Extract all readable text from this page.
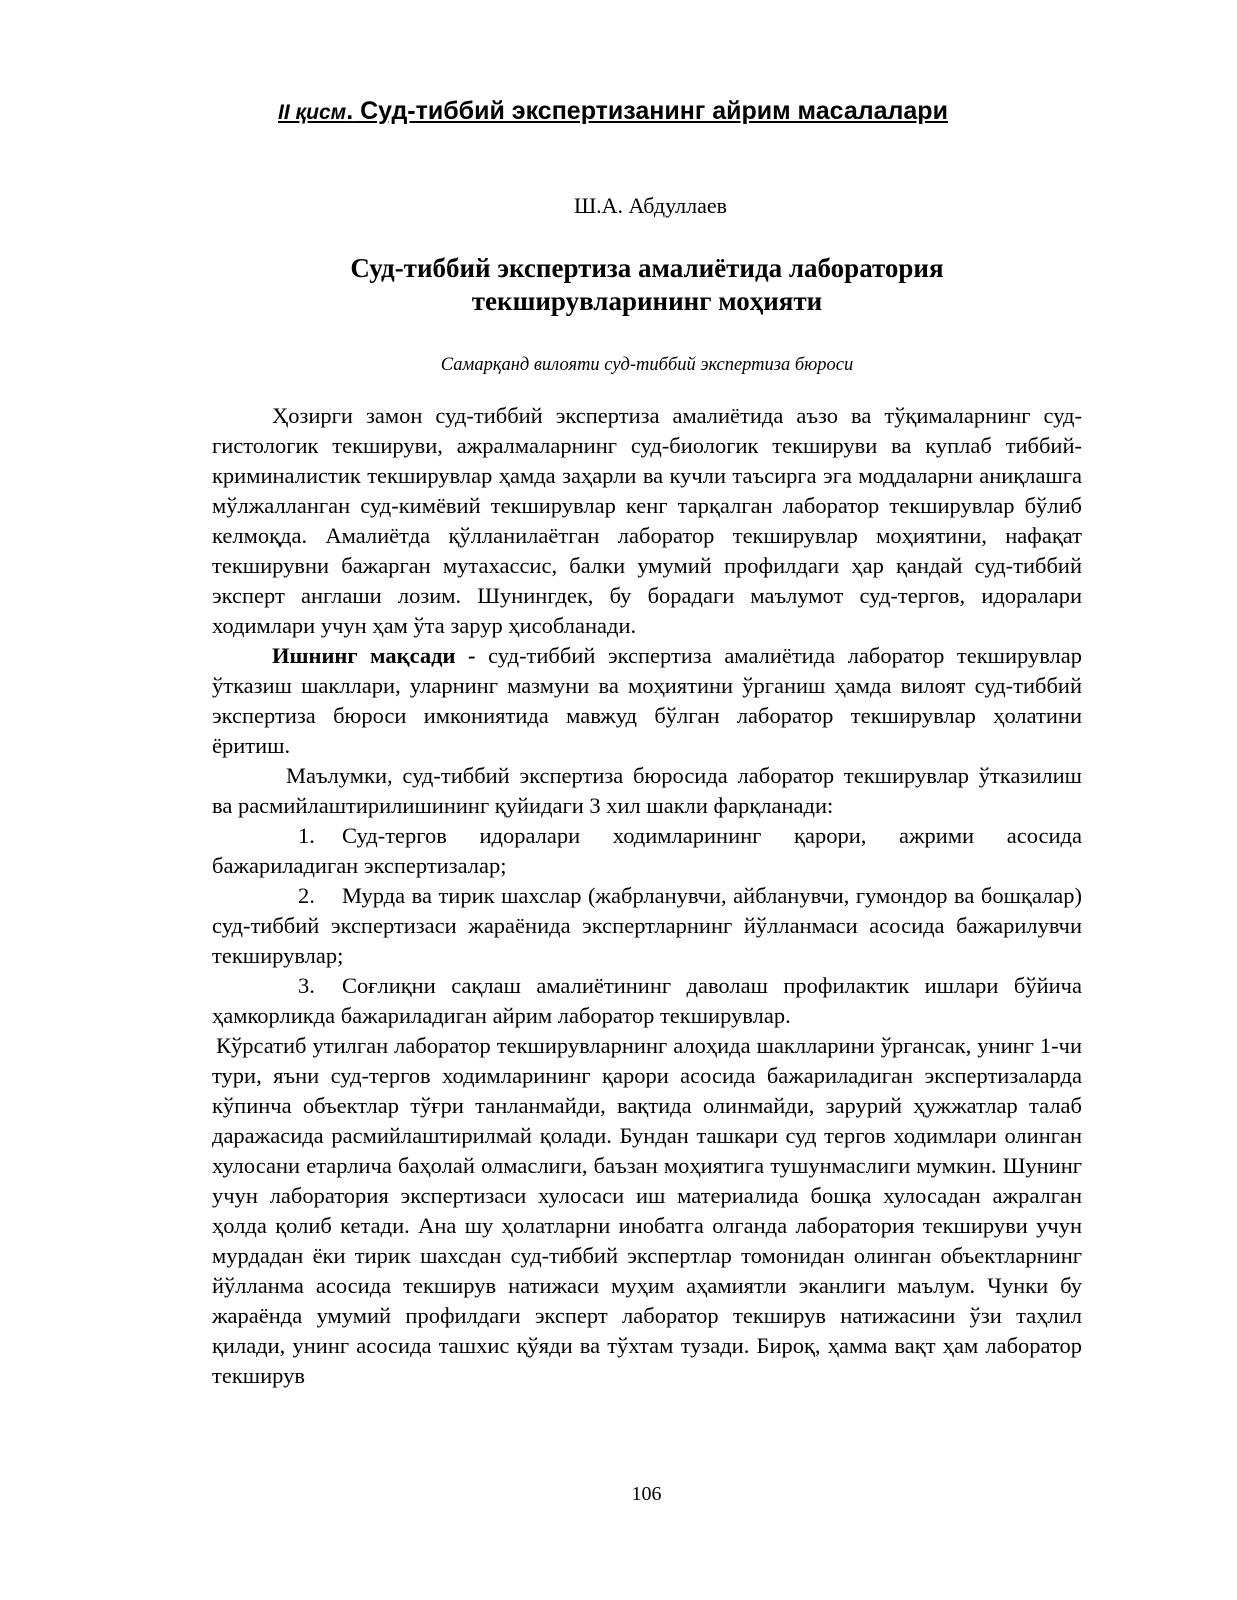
II қисм. Суд-тиббий экспертизанинг айрим масалалари
Ш.А. Абдуллаев
Суд-тиббий экспертиза амалиётида лаборатория
текширувларининг моҳияти
Самарқанд вилояти суд-тиббий экспертиза бюроси

Ҳозирги замон суд-тиббий экспертиза амалиётида аъзо ва тўқималарнинг суд-гистологик текшируви, ажралмаларнинг суд-биологик текшируви ва куплаб тиббий-криминалистик текширувлар ҳамда заҳарли ва кучли таъсирга эга моддаларни аниқлашга мўлжалланган суд-кимёвий текширувлар кенг тарқалган лаборатор текширувлар бўлиб келмоқда. Амалиётда қўлланилаётган лаборатор текширувлар моҳиятини, нафақат текширувни бажарган мутахассис, балки умумий профилдаги ҳар қандай суд-тиббий эксперт англаши лозим. Шунингдек, бу борадаги маълумот суд-тергов, идоралари ходимлари учун ҳам ўта зарур ҳисобланади.

Ишнинг мақсади - суд-тиббий экспертиза амалиётида лаборатор текширувлар ўтказиш шакллари, уларнинг мазмуни ва моҳиятини ўрганиш ҳамда вилоят суд-тиббий экспертиза бюроси имкониятида мавжуд бўлган лаборатор текширувлар ҳолатини ёритиш.

Маълумки, суд-тиббий экспертиза бюросида лаборатор текширувлар ўтказилиш ва расмийлаштирилишининг қуйидаги 3 хил шакли фарқланади:

1. Суд-тергов идоралари ходимларининг қарори, ажрими асосида бажариладиган экспертизалар;

2. Мурда ва тирик шахслар (жабрланувчи, айбланувчи, гумондор ва бошқалар) суд-тиббий экспертизаси жараёнида экспертларнинг йўлланмаси асосида бажарилувчи текширувлар;

3. Соғлиқни сақлаш амалиётининг даволаш профилактик ишлари бўйича ҳамкорликда бажариладиган айрим лаборатор текширувлар.

Кўрсатиб утилган лаборатор текширувларнинг алоҳида шаклларини ўргансак, унинг 1-чи тури, яъни суд-тергов ходимларининг қарори асосида бажариладиган экспертизаларда кўпинча объектлар тўғри танланмайди, вақтида олинмайди, зарурий ҳужжатлар талаб даражасида расмийлаштирилмай қолади. Бундан ташкари суд тергов ходимлари олинган хулосани етарлича баҳолай олмаслиги, баъзан моҳиятига тушунмаслиги мумкин. Шунинг учун лаборатория экспертизаси хулосаси иш материалида бошқа хулосадан ажралган ҳолда қолиб кетади. Ана шу ҳолатларни инобатга олганда лаборатория текшируви учун мурдадан ёки тирик шахсдан суд-тиббий экспертлар томонидан олинган объектларнинг йўлланма асосида текширув натижаси муҳим аҳамиятли эканлиги маълум. Чунки бу жараёнда умумий профилдаги эксперт лаборатор текширув натижасини ўзи таҳлил қилади, унинг асосида ташхис қўяди ва тўхтам тузади. Бироқ, ҳамма вақт ҳам лаборатор текширув

106
